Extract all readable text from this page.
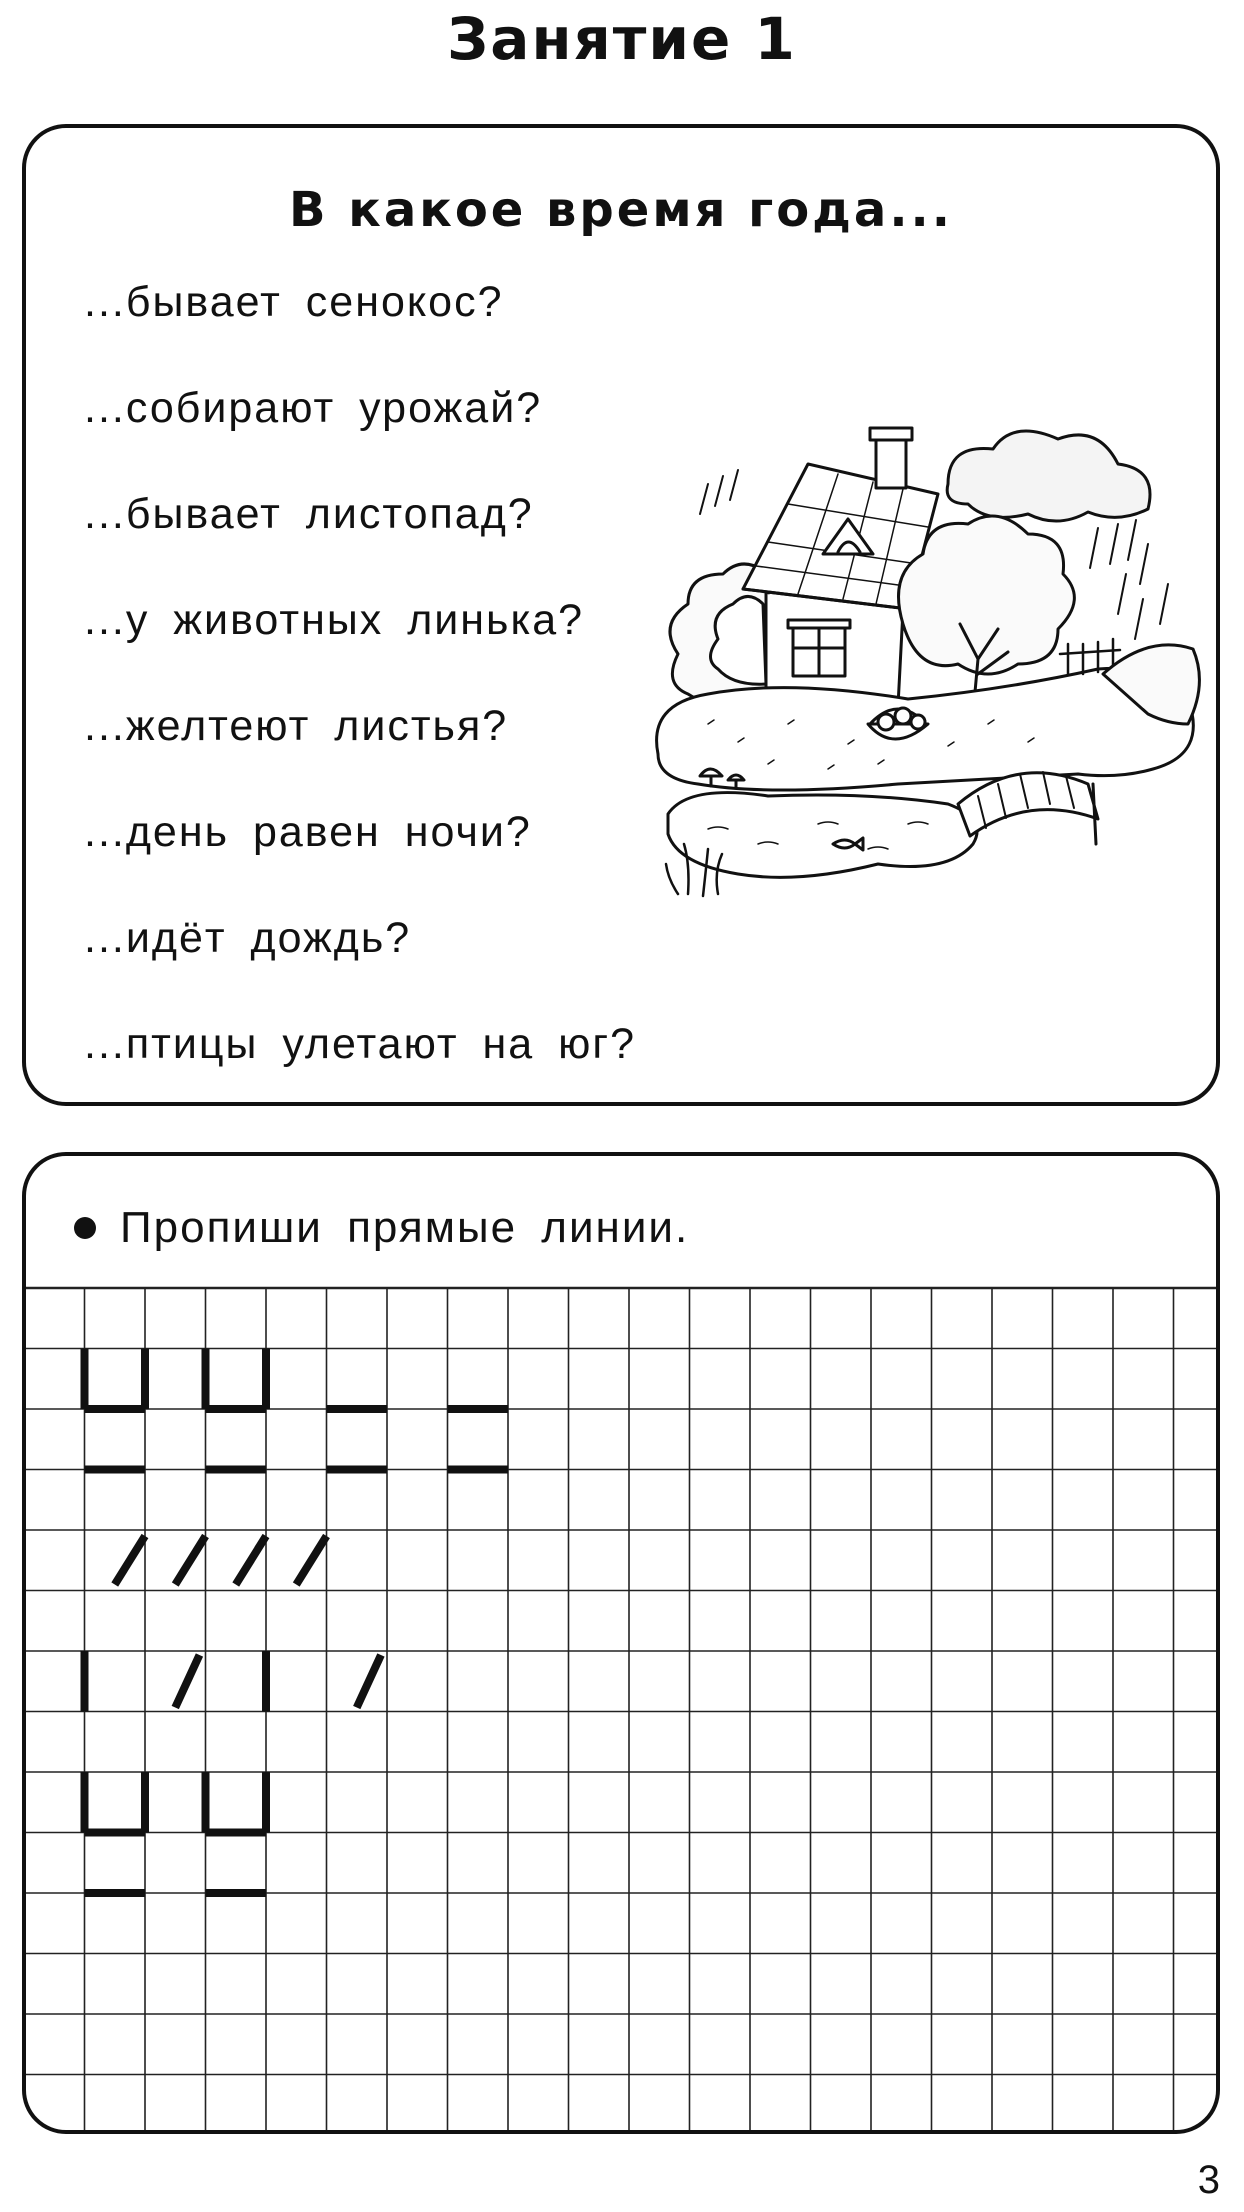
Занятие 1
В какое время года...
...бывает сенокос?
...собирают урожай?
...бывает листопад?
...у животных линька?
...желтеют листья?
...день равен ночи?
...идёт дождь?
...птицы улетают на юг?
Пропиши прямые линии.
3
